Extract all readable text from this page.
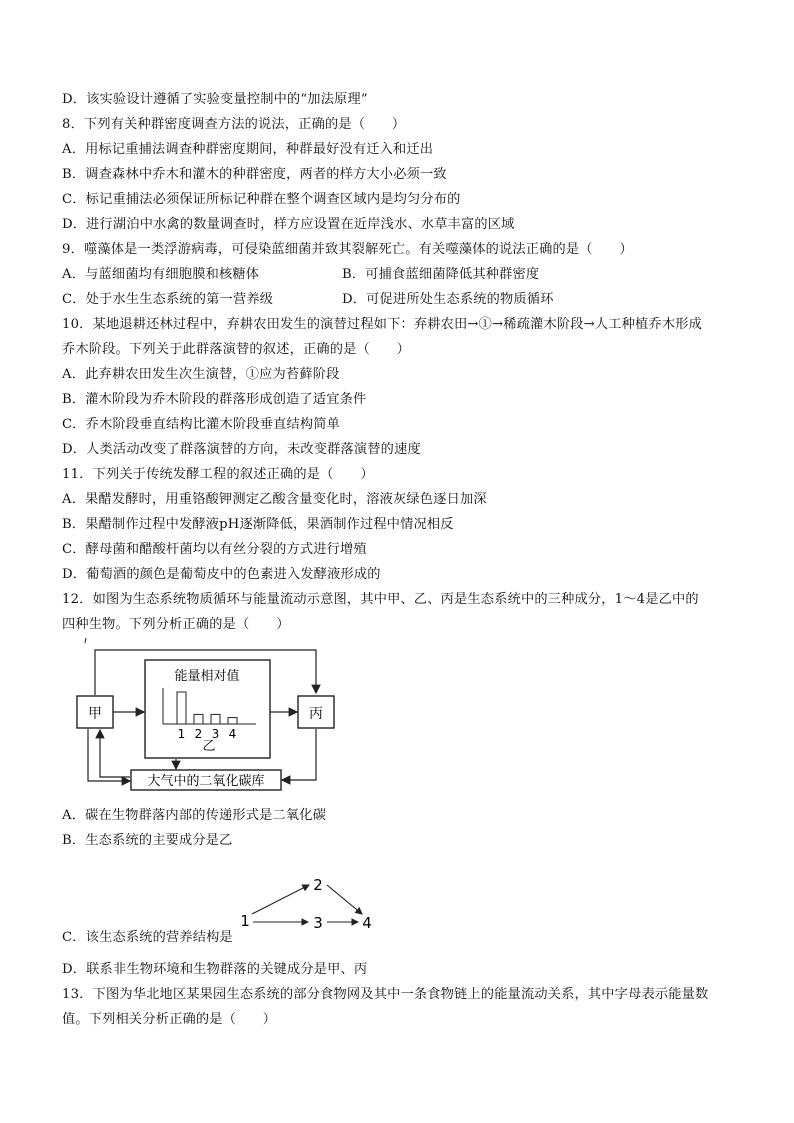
D．该实验设计遵循了实验变量控制中的“加法原理”
8．下列有关种群密度调查方法的说法，正确的是（　　）
A．用标记重捕法调查种群密度期间，种群最好没有迁入和迁出
B．调查森林中乔木和灌木的种群密度，两者的样方大小必须一致
C．标记重捕法必须保证所标记种群在整个调查区域内是均匀分布的
D．进行湖泊中水禽的数量调查时，样方应设置在近岸浅水、水草丰富的区域
9．噬藻体是一类浮游病毒，可侵染蓝细菌并致其裂解死亡。有关噬藻体的说法正确的是（　　）
A．与蓝细菌均有细胞膜和核糖体	B．可捕食蓝细菌降低其种群密度
C．处于水生生态系统的第一营养级	D．可促进所处生态系统的物质循环
10．某地退耕还林过程中，弃耕农田发生的演替过程如下：弃耕农田→①→稀疏灌木阶段→人工种植乔木形成
乔木阶段。下列关于此群落演替的叙述，正确的是（　　）
A．此弃耕农田发生次生演替，①应为苔藓阶段
B．灌木阶段为乔木阶段的群落形成创造了适宜条件
C．乔木阶段垂直结构比灌木阶段垂直结构简单
D．人类活动改变了群落演替的方向，未改变群落演替的速度
11．下列关于传统发酵工程的叙述正确的是（　　）
A．果醋发酵时，用重铬酸钾测定乙酸含量变化时，溶液灰绿色逐日加深
B．果醋制作过程中发酵液pH逐渐降低，果酒制作过程中情况相反
C．酵母菌和醋酸杆菌均以有丝分裂的方式进行增殖
D．葡萄酒的颜色是葡萄皮中的色素进入发酵液形成的
12．如图为生态系统物质循环与能量流动示意图，其中甲、乙、丙是生态系统中的三种成分，1～4是乙中的
四种生物。下列分析正确的是（　　）
甲	丙
能量相对值
1 2 3 4
乙
大气中的二氧化碳库
A．碳在生物群落内部的传递形式是二氧化碳
B．生态系统的主要成分是乙
1
2
3	4
C．该生态系统的营养结构是
D．联系非生物环境和生物群落的关键成分是甲、丙
13．下图为华北地区某果园生态系统的部分食物网及其中一条食物链上的能量流动关系，其中字母表示能量数
值。下列相关分析正确的是（　　）
